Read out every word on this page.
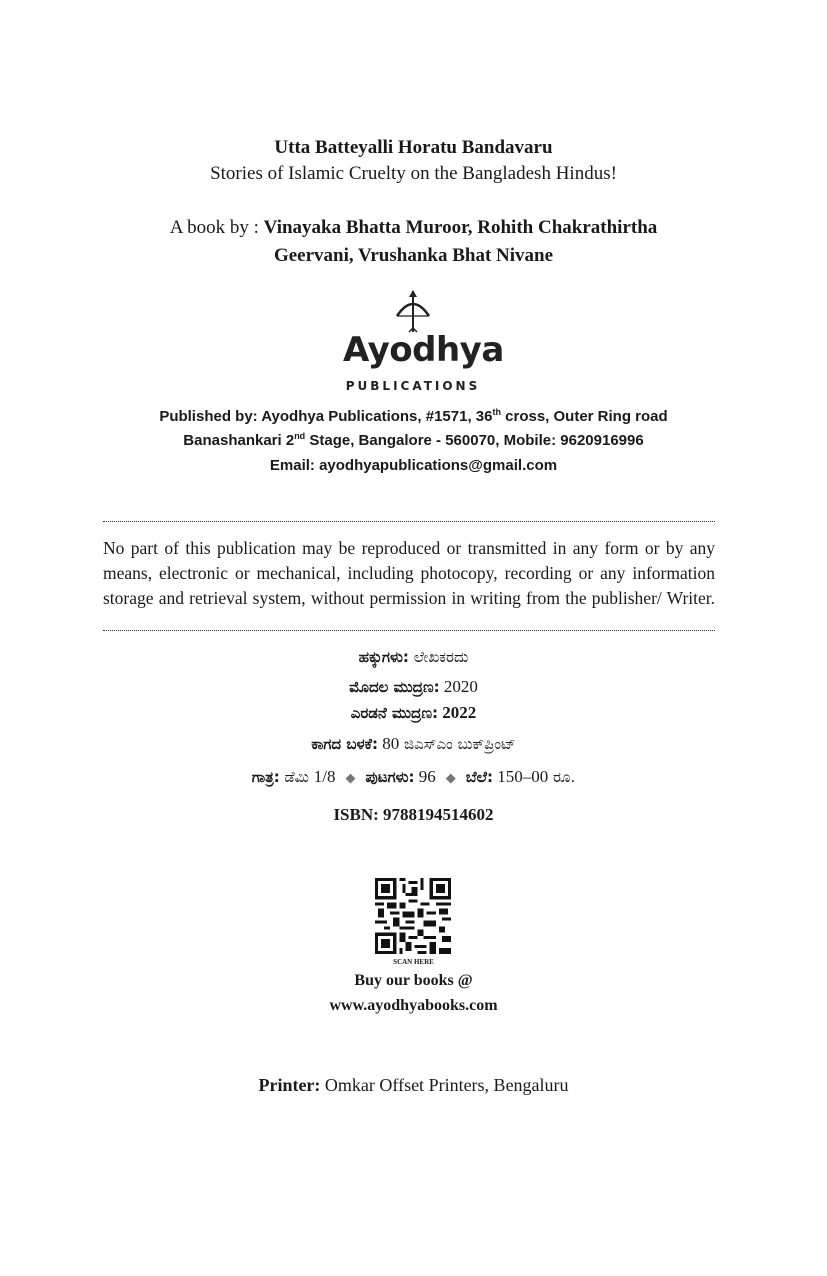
Utta Batteyalli Horatu Bandavaru
Stories of Islamic Cruelty on the Bangladesh Hindus!
A book by : Vinayaka Bhatta Muroor, Rohith Chakrathirtha
Geervani, Vrushanka Bhat Nivane
Ayodhya
PUBLICATIONS
Published by: Ayodhya Publications, #1571, 36th cross, Outer Ring road
Banashankari 2nd Stage, Bangalore - 560070, Mobile: 9620916996
Email: ayodhyapublications@gmail.com
No part of this publication may be reproduced or transmitted in any form or by any
means, electronic or mechanical, including photocopy, recording or any information
storage and retrieval system, without permission in writing from the publisher/ Writer.
ಹಕ್ಕುಗಳು: ಲೇಖಕರದು
ಮೊದಲ ಮುದ್ರಣ: 2020
ಎರಡನೆ ಮುದ್ರಣ: 2022
ಕಾಗದ ಬಳಕೆ: 80 ಜಿಎಸ್‌ಎಂ ಬುಕ್‌ಪ್ರಿಂಟ್
ಗಾತ್ರ: ಡೆಮಿ 1/8 ◆ ಪುಟಗಳು: 96 ◆ ಬೆಲೆ: 150–00 ರೂ.
ISBN: 9788194514602
SCAN HERE
Buy our books @
www.ayodhyabooks.com
Printer: Omkar Offset Printers, Bengaluru
